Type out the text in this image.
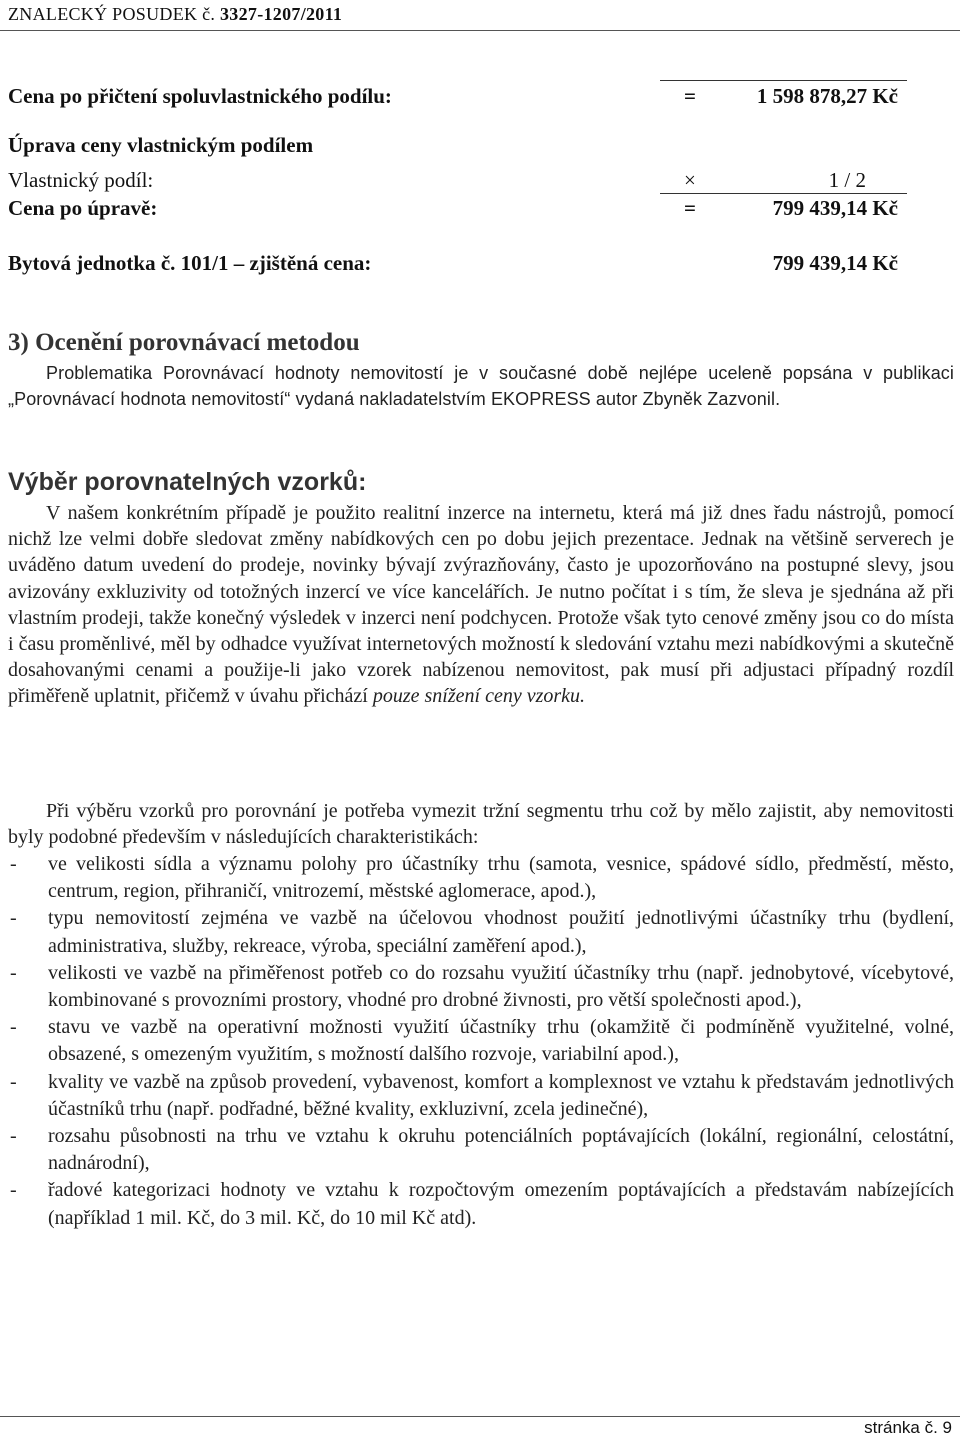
ZNALECKÝ POSUDEK č. 3327-1207/2011
Cena po přičtení spoluvlastnického podílu:	=	1 598 878,27 Kč
Úprava ceny vlastnickým podílem
Vlastnický podíl:	×	1 / 2
Cena po úpravě:	=	799 439,14 Kč
Bytová jednotka č. 101/1 – zjištěná cena:	799 439,14 Kč
3) Ocenění porovnávací metodou

Problematika Porovnávací hodnoty nemovitostí je v současné době nejlépe uceleně popsána v publikaci „Porovnávací hodnota nemovitostí“ vydaná nakladatelstvím EKOPRESS autor Zbyněk Zazvonil.

Výběr porovnatelných vzorků:

V našem konkrétním případě je použito realitní inzerce na internetu, která má již dnes řadu nástrojů, pomocí nichž lze velmi dobře sledovat změny nabídkových cen po dobu jejich prezentace. Jednak na většině serverech je uváděno datum uvedení do prodeje, novinky bývají zvýrazňovány, často je upozorňováno na postupné slevy, jsou avizovány exkluzivity od totožných inzercí ve více kancelářích. Je nutno počítat i s tím, že sleva je sjednána až při vlastním prodeji, takže konečný výsledek v inzerci není podchycen. Protože však tyto cenové změny jsou co do místa i času proměnlivé, měl by odhadce využívat internetových možností k sledování vztahu mezi nabídkovými a skutečně dosahovanými cenami a použije-li jako vzorek nabízenou nemovitost, pak musí při adjustaci případný rozdíl přiměřeně uplatnit, přičemž v úvahu přichází pouze snížení ceny vzorku.

Při výběru vzorků pro porovnání je potřeba vymezit tržní segmentu trhu což by mělo zajistit, aby nemovitosti byly podobné především v následujících charakteristikách:

- ve velikosti sídla a významu polohy pro účastníky trhu (samota, vesnice, spádové sídlo, předměstí, město, centrum, region, přihraničí, vnitrozemí, městské aglomerace, apod.),
- typu nemovitostí zejména ve vazbě na účelovou vhodnost použití jednotlivými účastníky trhu (bydlení, administrativa, služby, rekreace, výroba, speciální zaměření apod.),
- velikosti ve vazbě na přiměřenost potřeb co do rozsahu využití účastníky trhu (např. jednobytové, vícebytové, kombinované s provozními prostory, vhodné pro drobné živnosti, pro větší společnosti apod.),
- stavu ve vazbě na operativní možnosti využití účastníky trhu (okamžitě či podmíněně využitelné, volné, obsazené, s omezeným využitím, s možností dalšího rozvoje, variabilní apod.),
- kvality ve vazbě na způsob provedení, vybavenost, komfort a komplexnost ve vztahu k představám jednotlivých účastníků trhu (např. podřadné, běžné kvality, exkluzivní, zcela jedinečné),
- rozsahu působnosti na trhu ve vztahu k okruhu potenciálních poptávajících (lokální, regionální, celostátní, nadnárodní),
- řadové kategorizaci hodnoty ve vztahu k rozpočtovým omezením poptávajících a představám nabízejících (například 1 mil. Kč, do 3 mil. Kč, do 10 mil Kč atd).
stránka č. 9
